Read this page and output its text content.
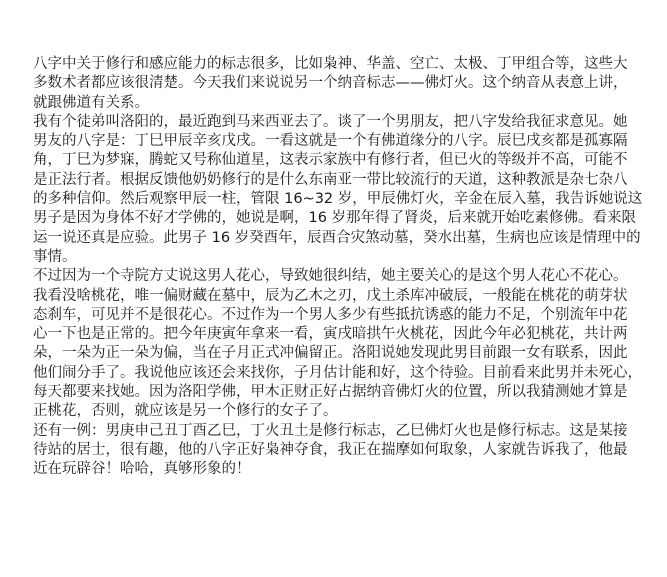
八字中关于修行和感应能力的标志很多，比如枭神、华盖、空亡、太极、丁甲组合等，这些大
多数术者都应该很清楚。今天我们来说说另一个纳音标志——佛灯火。这个纳音从表意上讲，
就跟佛道有关系。
我有个徒弟叫洛阳的，最近跑到马来西亚去了。谈了一个男朋友，把八字发给我征求意见。她
男友的八字是：丁巳甲辰辛亥戊戌。一看这就是一个有佛道缘分的八字。辰巳戌亥都是孤寡隔
角，丁巳为梦寐，腾蛇又号称仙道星，这表示家族中有修行者，但已火的等级并不高，可能不
是正法行者。根据反馈他奶奶修行的是什么东南亚一带比较流行的天道，这种教派是杂七杂八
的多种信仰。然后观察甲辰一柱，管限 16~32 岁，甲辰佛灯火，辛金在辰入墓，我告诉她说这
男子是因为身体不好才学佛的，她说是啊，16 岁那年得了肾炎，后来就开始吃素修佛。看来限
运一说还真是应验。此男子 16 岁癸酉年，辰酉合灾煞动墓，癸水出墓，生病也应该是情理中的
事情。
不过因为一个寺院方丈说这男人花心，导致她很纠结，她主要关心的是这个男人花心不花心。
我看没啥桃花，唯一偏财藏在墓中，辰为乙木之刃，戊土杀库冲破辰，一般能在桃花的萌芽状
态刹车，可见并不是很花心。不过作为一个男人多少有些抵抗诱惑的能力不足，个别流年中花
心一下也是正常的。把今年庚寅年拿来一看，寅戌暗拱午火桃花，因此今年必犯桃花，共计两
朵，一朵为正一朵为偏，当在子月正式冲偏留正。洛阳说她发现此男目前跟一女有联系，因此
他们闹分手了。我说他应该还会来找你，子月估计能和好，这个待验。目前看来此男并未死心，
每天都要来找她。因为洛阳学佛，甲木正财正好占据纳音佛灯火的位置，所以我猜测她才算是
正桃花，否则，就应该是另一个修行的女子了。
还有一例：男庚申己丑丁酉乙巳，丁火丑土是修行标志，乙巳佛灯火也是修行标志。这是某接
待站的居士，很有趣，他的八字正好枭神夺食，我正在揣摩如何取象，人家就告诉我了，他最
近在玩辟谷！哈哈，真够形象的！
